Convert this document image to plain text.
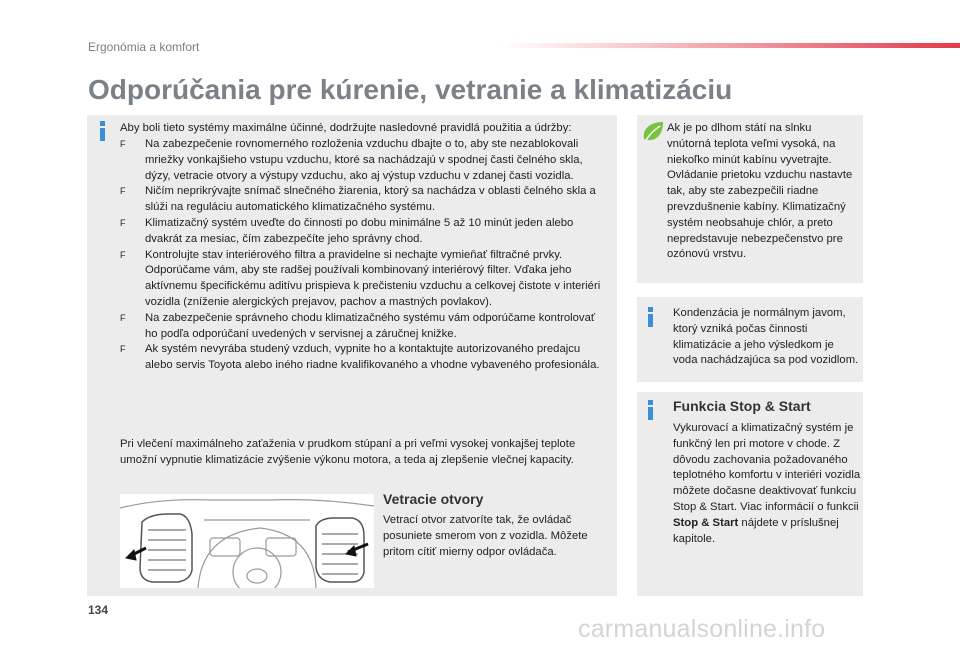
Ergonómia a komfort
Odporúčania pre kúrenie, vetranie a klimatizáciu
Aby boli tieto systémy maximálne účinné, dodržujte nasledovné pravidlá použitia a údržby:
F Na zabezpečenie rovnomerného rozloženia vzduchu dbajte o to, aby ste nezablokovali mriežky vonkajšieho vstupu vzduchu, ktoré sa nachádzajú v spodnej časti čelného skla, dýzy, vetracie otvory a výstupy vzduchu, ako aj výstup vzduchu v zdanej časti vozidla.
F Ničím neprikrývajte snímač slnečného žiarenia, ktorý sa nachádza v oblasti čelného skla a slúži na reguláciu automatického klimatizačného systému.
F Klimatizačný systém uveďte do činnosti po dobu minimálne 5 až 10 minút jeden alebo dvakrát za mesiac, čím zabezpečíte jeho správny chod.
F Kontrolujte stav interiérového filtra a pravidelne si nechajte vymieňať filtračné prvky. Odporúčame vám, aby ste radšej používali kombinovaný interiérový filter. Vďaka jeho aktívnemu špecifickému aditívu prispieva k prečisteniu vzduchu a celkovej čistote v interiéri vozidla (zníženie alergických prejavov, pachov a mastných povlakov).
F Na zabezpečenie správneho chodu klimatizačného systému vám odporúčame kontrolovať ho podľa odporúčaní uvedených v servisnej a záručnej knižke.
F Ak systém nevyrába studený vzduch, vypnite ho a kontaktujte autorizovaného predajcu alebo servis Toyota alebo iného riadne kvalifikovaného a vhodne vybaveného profesionála.
Pri vlečení maximálneho zaťaženia v prudkom stúpaní a pri veľmi vysokej vonkajšej teplote umožní vypnutie klimatizácie zvýšenie výkonu motora, a teda aj zlepšenie vlečnej kapacity.
Vetracie otvory
Vetrací otvor zatvoríte tak, že ovládač posuniete smerom von z vozidla. Môžete pritom cítiť mierny odpor ovládača.
Ak je po dlhom státí na slnku vnútorná teplota veľmi vysoká, na niekoľko minút kabínu vyvetrajte. Ovládanie prietoku vzduchu nastavte tak, aby ste zabezpečili riadne prevzdušnenie kabíny. Klimatizačný systém neobsahuje chlór, a preto nepredstavuje nebezpečenstvo pre ozónovú vrstvu.
Kondenzácia je normálnym javom, ktorý vzniká počas činnosti klimatizácie a jeho výsledkom je voda nachádzajúca sa pod vozidlom.
Funkcia Stop & Start
Vykurovací a klimatizačný systém je funkčný len pri motore v chode. Z dôvodu zachovania požadovaného teplotného komfortu v interiéri vozidla môžete dočasne deaktivovať funkciu Stop & Start. Viac informácií o funkcii Stop & Start nájdete v príslušnej kapitole.
134
carmanualsonline.info
